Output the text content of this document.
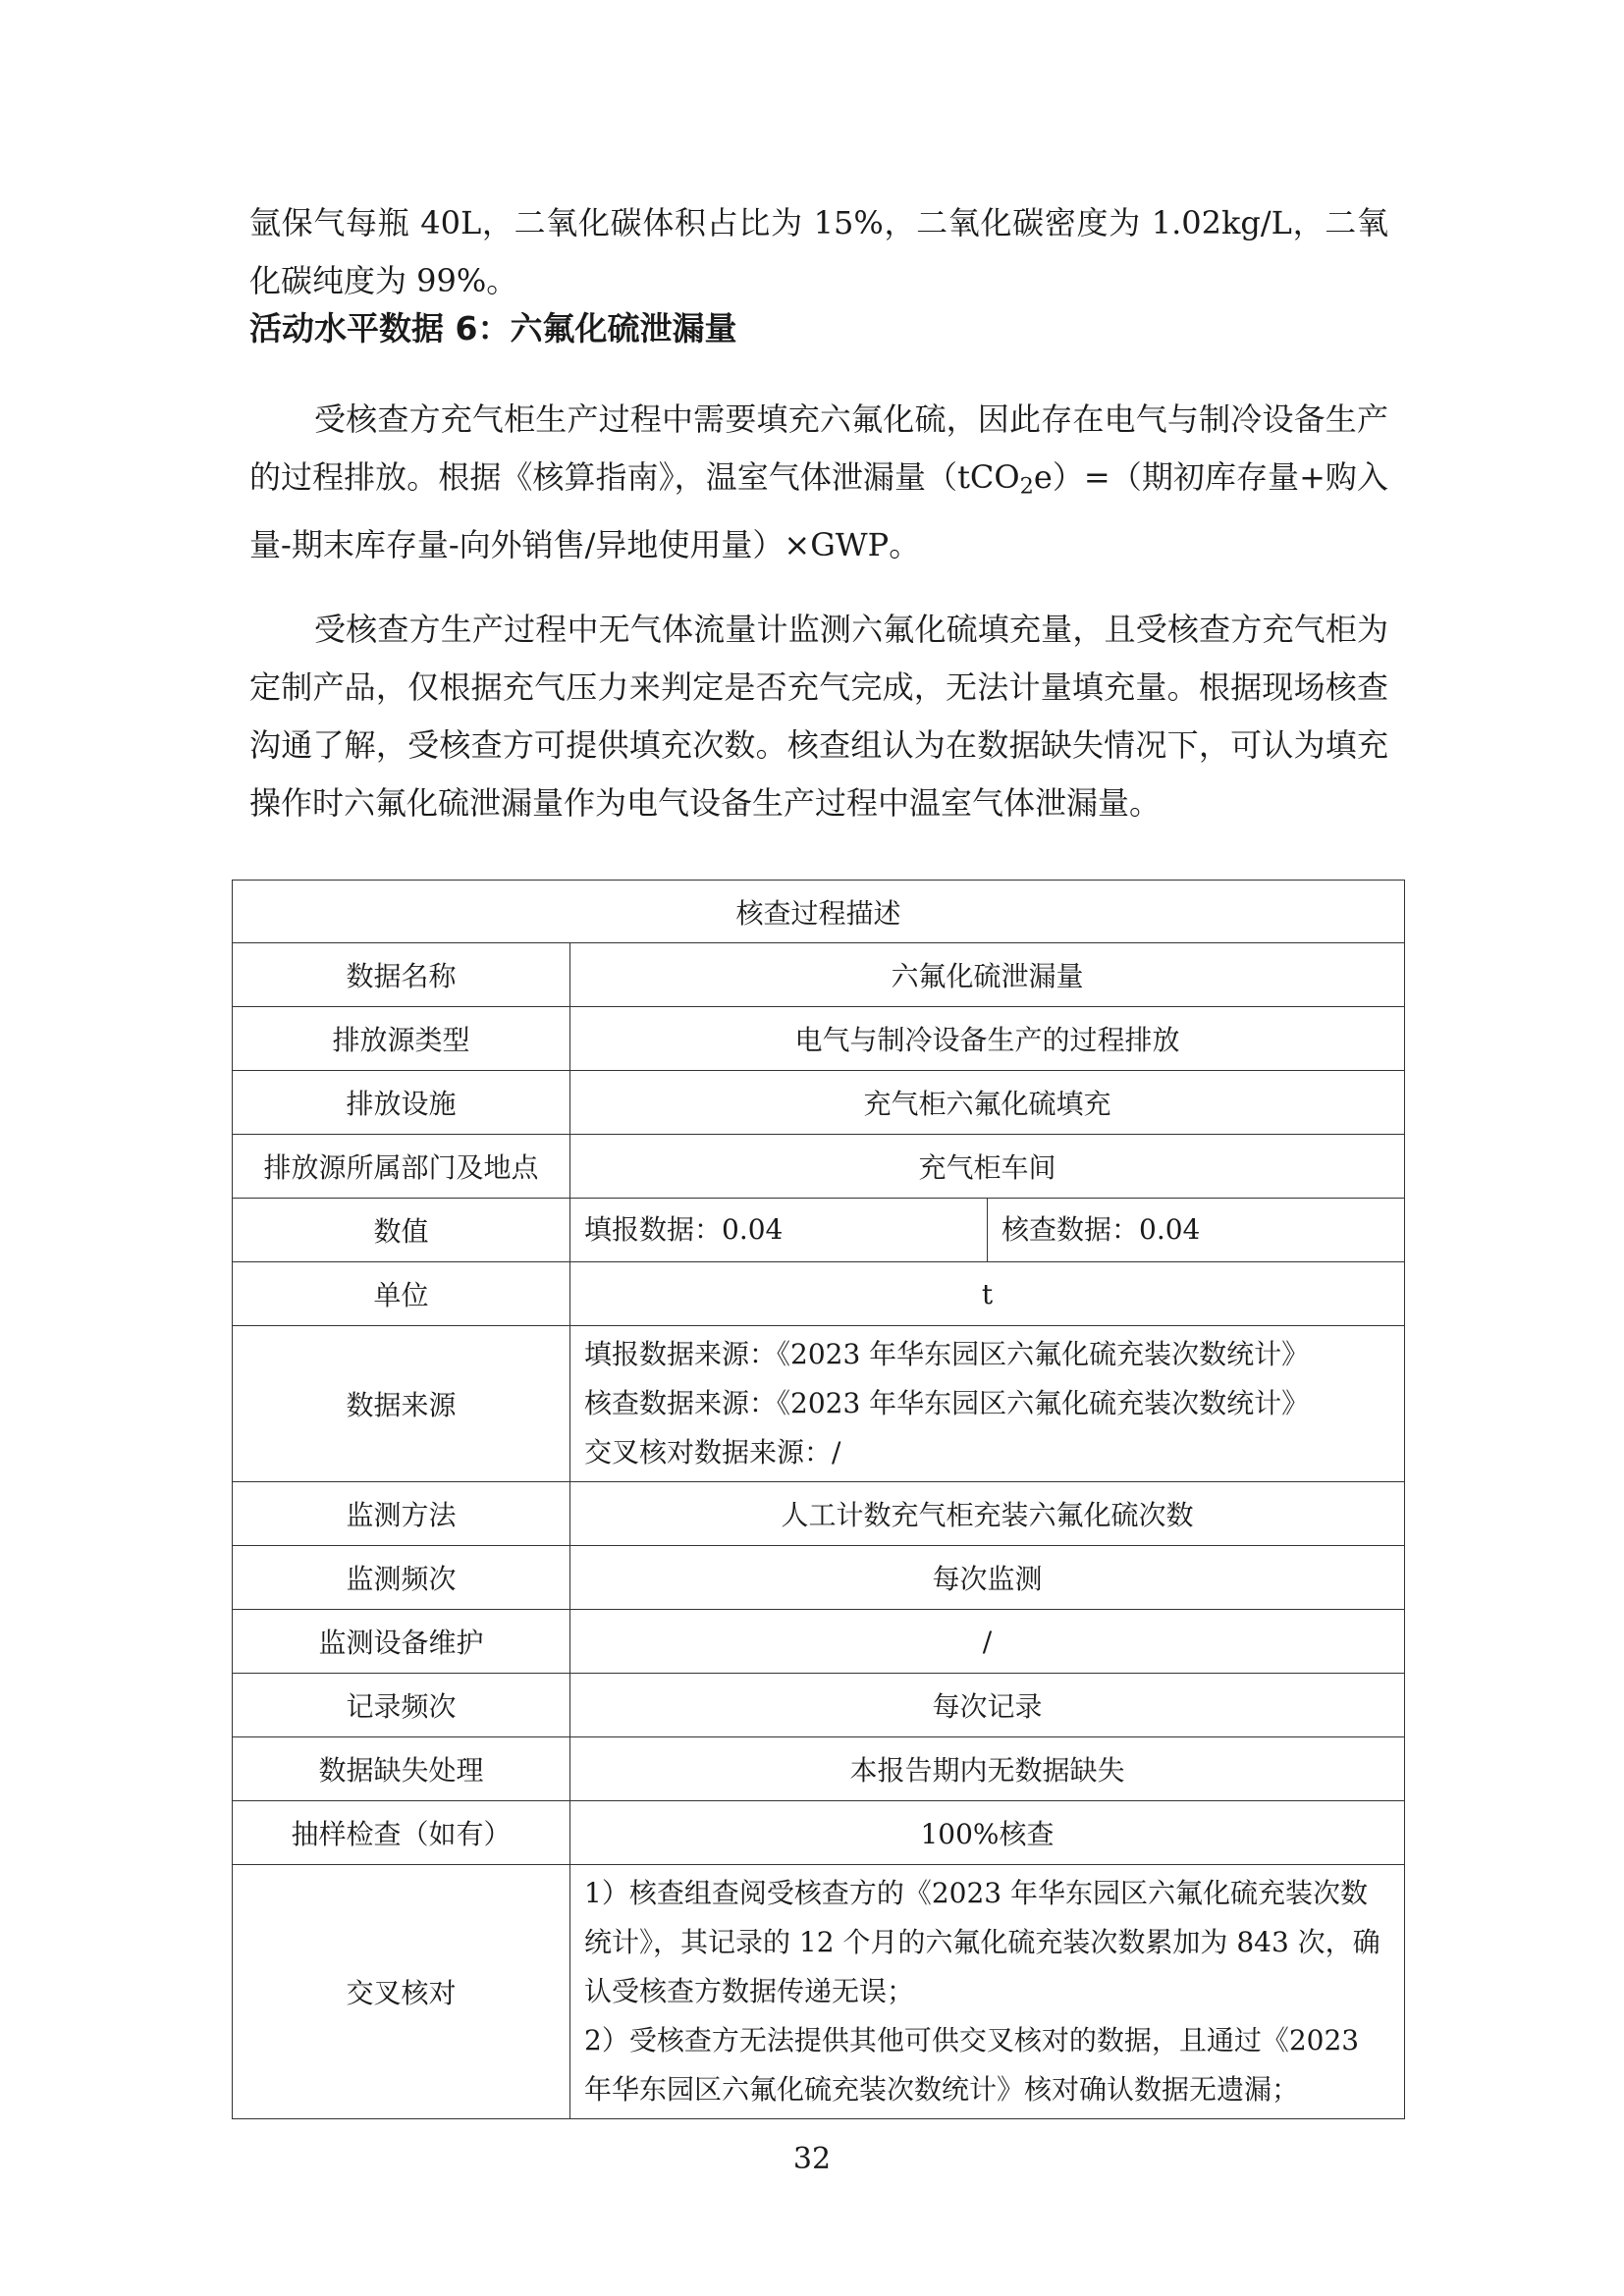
氩保气每瓶 40L，二氧化碳体积占比为 15%，二氧化碳密度为 1.02kg/L，二氧化碳纯度为 99%。

活动水平数据 6：六氟化硫泄漏量

受核查方充气柜生产过程中需要填充六氟化硫，因此存在电气与制冷设备生产的过程排放。根据《核算指南》，温室气体泄漏量（tCO$_2$e）=（期初库存量+购入量-期末库存量-向外销售/异地使用量）×GWP。

受核查方生产过程中无气体流量计监测六氟化硫填充量，且受核查方充气柜为定制产品，仅根据充气压力来判定是否充气完成，无法计量填充量。根据现场核查沟通了解，受核查方可提供填充次数。核查组认为在数据缺失情况下，可认为填充操作时六氟化硫泄漏量作为电气设备生产过程中温室气体泄漏量。

核查过程描述		
数据名称	六氟化硫泄漏量	
排放源类型	电气与制冷设备生产的过程排放	
排放设施	充气柜六氟化硫填充	
排放源所属部门及地点	充气柜车间	
数值	填报数据：0.04	核查数据：0.04
单位	t	
数据来源	填报数据来源：《2023 年华东园区六氟化硫充装次数统计》
核查数据来源：《2023 年华东园区六氟化硫充装次数统计》
交叉核对数据来源：/	

监测方法	人工计数充气柜充装六氟化硫次数	
监测频次	每次监测	
监测设备维护	/	
记录频次	每次记录	
数据缺失处理	本报告期内无数据缺失	
抽样检查（如有）	100%核查	
交叉核对	1）核查组查阅受核查方的《2023 年华东园区六氟化硫充装次数统计》，其记录的 12 个月的六氟化硫充装次数累加为 843 次，确认受核查方数据传递无误；
2）受核查方无法提供其他可供交叉核对的数据，且通过《2023 年华东园区六氟化硫充装次数统计》核对确认数据无遗漏；	
32
